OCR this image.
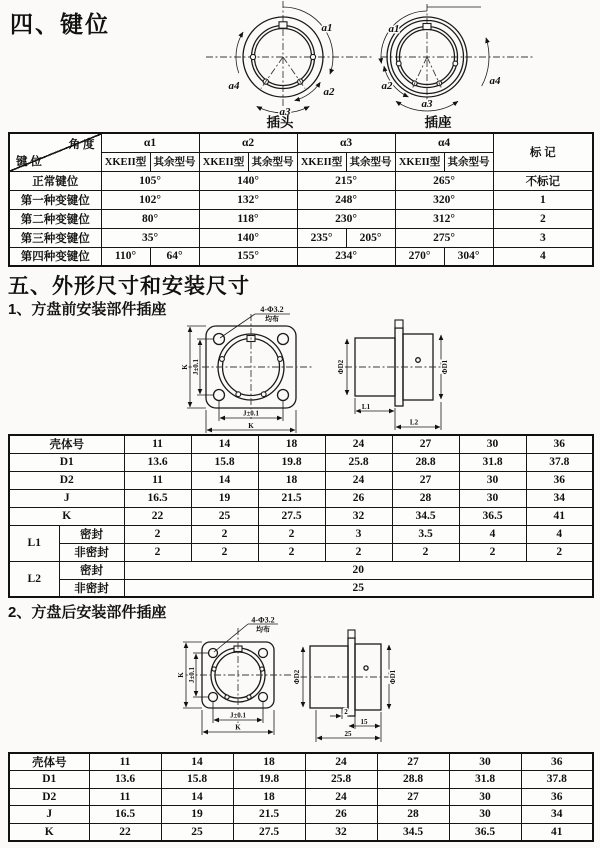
四、键位	a1
a2
a3
a4
插头
a1
a2
a3
a4
插座
角 度
键 位	α1		α2		α3		α4		标 记
	XKEII型	其余型号	XKEII型	其余型号	XKEII型	其余型号	XKEII型	其余型号	
正常键位	105°		140°		215°		265°		不标记
第一种变键位	102°		132°		248°		320°		1
第二种变键位	80°		118°		230°		312°		2
第三种变键位	35°		140°		235°	205°	275°		3
第四种变键位	110°	64°	155°		234°		270°	304°	4
五、外形尺寸和安装尺寸
1、方盘前安装部件插座	4-Φ3.2
均布
K J±0.1
J±0.1
K
ΦD2	ΦD1
L1
L2
壳体号		11	14	18	24	27	30	36
D1		13.6	15.8	19.8	25.8	28.8	31.8	37.8
D2		11	14	18	24	27	30	36
J		16.5	19	21.5	26	28	30	34
K		22	25	27.5	32	34.5	36.5	41
L1	密封	2	2	2	3	3.5	4	4
	非密封	2	2	2	2	2	2	2
L2	密封	20						
	非密封	25						
2、方盘后安装部件插座	4-Φ3.2
均布
K J±0.1
J±0.1
K
ΦD2	ΦD1
2
15
25
壳体号	11	14	18	24	27	30	36
D1	13.6	15.8	19.8	25.8	28.8	31.8	37.8
D2	11	14	18	24	27	30	36
J	16.5	19	21.5	26	28	30	34
K	22	25	27.5	32	34.5	36.5	41
